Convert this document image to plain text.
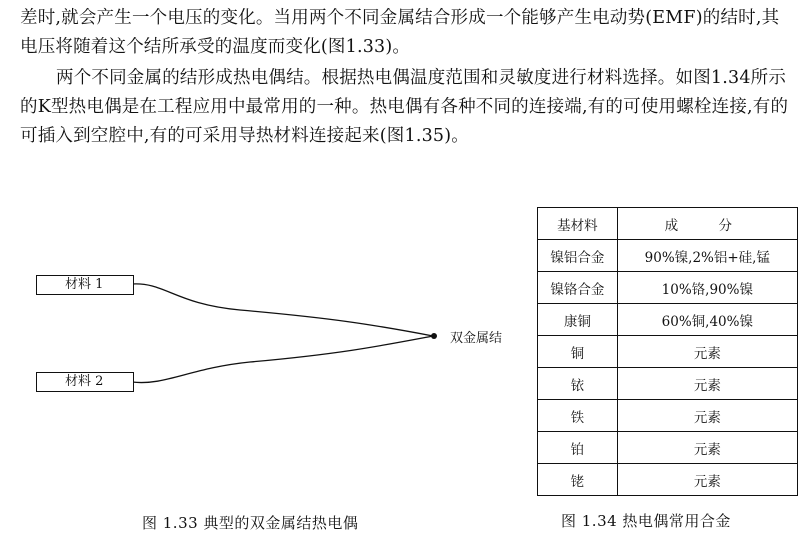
差时,就会产生一个电压的变化。当用两个不同金属结合形成一个能够产生电动势(EMF)的结时,其电压将随着这个结所承受的温度而变化(图1.33)。

两个不同金属的结形成热电偶结。根据热电偶温度范围和灵敏度进行材料选择。如图1.34所示的K型热电偶是在工程应用中最常用的一种。热电偶有各种不同的连接端,有的可使用螺栓连接,有的可插入到空腔中,有的可采用导热材料连接起来(图1.35)。

材料 1
材料 2
双金属结
图 1.33 典型的双金属结热电偶
基材料	成 分
镍铝合金	90%镍,2%铝+硅,锰
镍铬合金	10%铬,90%镍
康铜	60%铜,40%镍
铜	元素
铱	元素
铁	元素
铂	元素
铑	元素
图 1.34 热电偶常用合金
